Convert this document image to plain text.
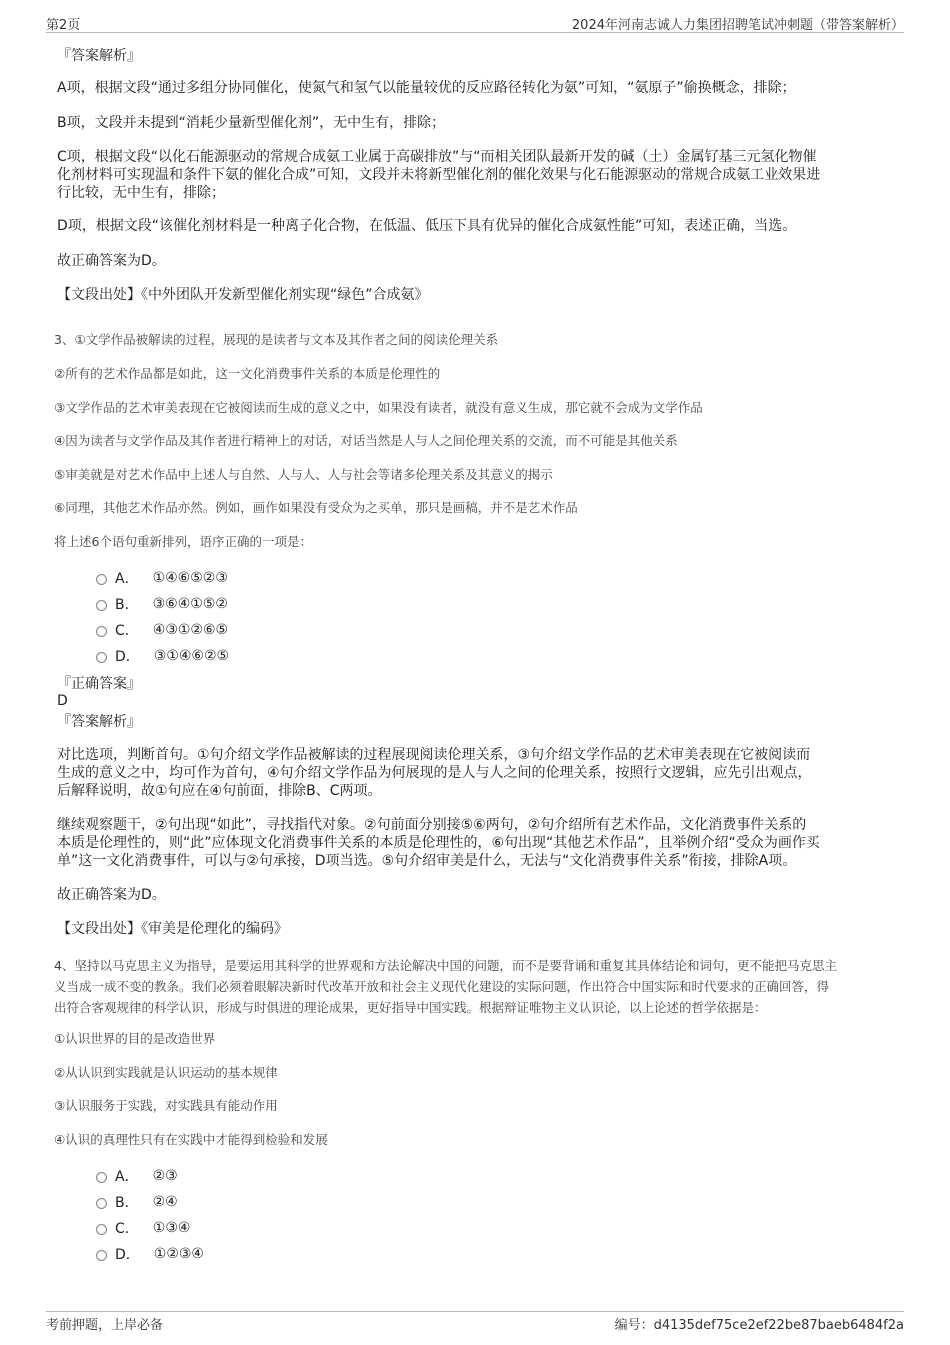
第2页	2024年河南志诚人力集团招聘笔试冲刺题（带答案解析）
『答案解析』
A项，根据文段“通过多组分协同催化，使氮气和氢气以能量较优的反应路径转化为氨”可知，“氨原子”偷换概念，排除；
B项，文段并未提到“消耗少量新型催化剂”，无中生有，排除；
C项，根据文段“以化石能源驱动的常规合成氨工业属于高碳排放”与“而相关团队最新开发的碱（土）金属钌基三元氢化物催
化剂材料可实现温和条件下氨的催化合成”可知，文段并未将新型催化剂的催化效果与化石能源驱动的常规合成氨工业效果进
行比较，无中生有，排除；
D项，根据文段“该催化剂材料是一种离子化合物，在低温、低压下具有优异的催化合成氨性能”可知，表述正确，当选。
故正确答案为D。
【文段出处】《中外团队开发新型催化剂实现“绿色”合成氨》
3、①文学作品被解读的过程，展现的是读者与文本及其作者之间的阅读伦理关系
②所有的艺术作品都是如此，这一文化消费事件关系的本质是伦理性的
③文学作品的艺术审美表现在它被阅读而生成的意义之中，如果没有读者，就没有意义生成，那它就不会成为文学作品
④因为读者与文学作品及其作者进行精神上的对话，对话当然是人与人之间伦理关系的交流，而不可能是其他关系
⑤审美就是对艺术作品中上述人与自然、人与人、人与社会等诸多伦理关系及其意义的揭示
⑥同理，其他艺术作品亦然。例如，画作如果没有受众为之买单，那只是画稿，并不是艺术作品
将上述6个语句重新排列，语序正确的一项是：
A． ①④⑥⑤②③
B． ③⑥④①⑤②
C． ④③①②⑥⑤
D． ③①④⑥②⑤
『正确答案』
D
『答案解析』
对比选项，判断首句。①句介绍文学作品被解读的过程展现阅读伦理关系，③句介绍文学作品的艺术审美表现在它被阅读而
生成的意义之中，均可作为首句，④句介绍文学作品为何展现的是人与人之间的伦理关系，按照行文逻辑，应先引出观点，
后解释说明，故①句应在④句前面，排除B、C两项。
继续观察题干，②句出现“如此”，寻找指代对象。②句前面分别接⑤⑥两句，②句介绍所有艺术作品，文化消费事件关系的
本质是伦理性的，则“此”应体现文化消费事件关系的本质是伦理性的，⑥句出现“其他艺术作品”，且举例介绍“受众为画作买
单”这一文化消费事件，可以与②句承接，D项当选。⑤句介绍审美是什么，无法与“文化消费事件关系”衔接，排除A项。
故正确答案为D。
【文段出处】《审美是伦理化的编码》
4、坚持以马克思主义为指导，是要运用其科学的世界观和方法论解决中国的问题，而不是要背诵和重复其具体结论和词句，更不能把马克思主
义当成一成不变的教条。我们必须着眼解决新时代改革开放和社会主义现代化建设的实际问题，作出符合中国实际和时代要求的正确回答，得
出符合客观规律的科学认识，形成与时俱进的理论成果，更好指导中国实践。根据辩证唯物主义认识论，以上论述的哲学依据是：
①认识世界的目的是改造世界
②从认识到实践就是认识运动的基本规律
③认识服务于实践，对实践具有能动作用
④认识的真理性只有在实践中才能得到检验和发展
A． ②③
B． ②④
C． ①③④
D． ①②③④
考前押题，上岸必备	编号：d4135def75ce2ef22be87baeb6484f2a
